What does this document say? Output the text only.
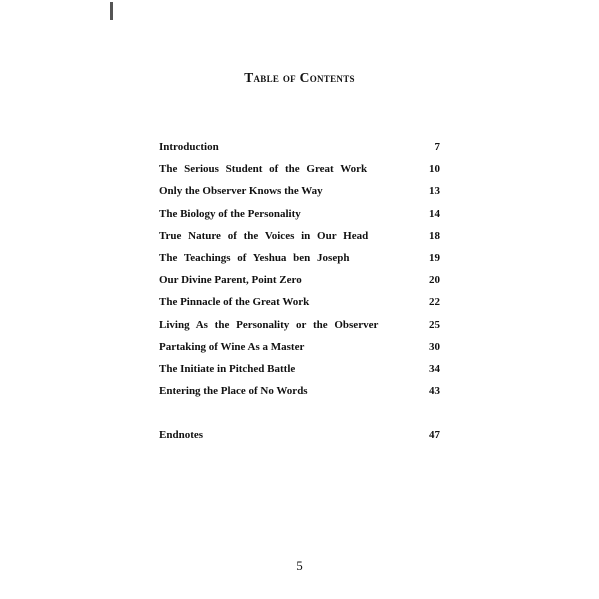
Table of Contents
Introduction	7
The Serious Student of the Great Work	10
Only the Observer Knows the Way	13
The Biology of the Personality	14
True Nature of the Voices in Our Head	18
The Teachings of Yeshua ben Joseph	19
Our Divine Parent, Point Zero	20
The Pinnacle of the Great Work	22
Living As the Personality or the Observer	25
Partaking of Wine As a Master	30
The Initiate in Pitched Battle	34
Entering the Place of No Words	43
Endnotes	47
5
